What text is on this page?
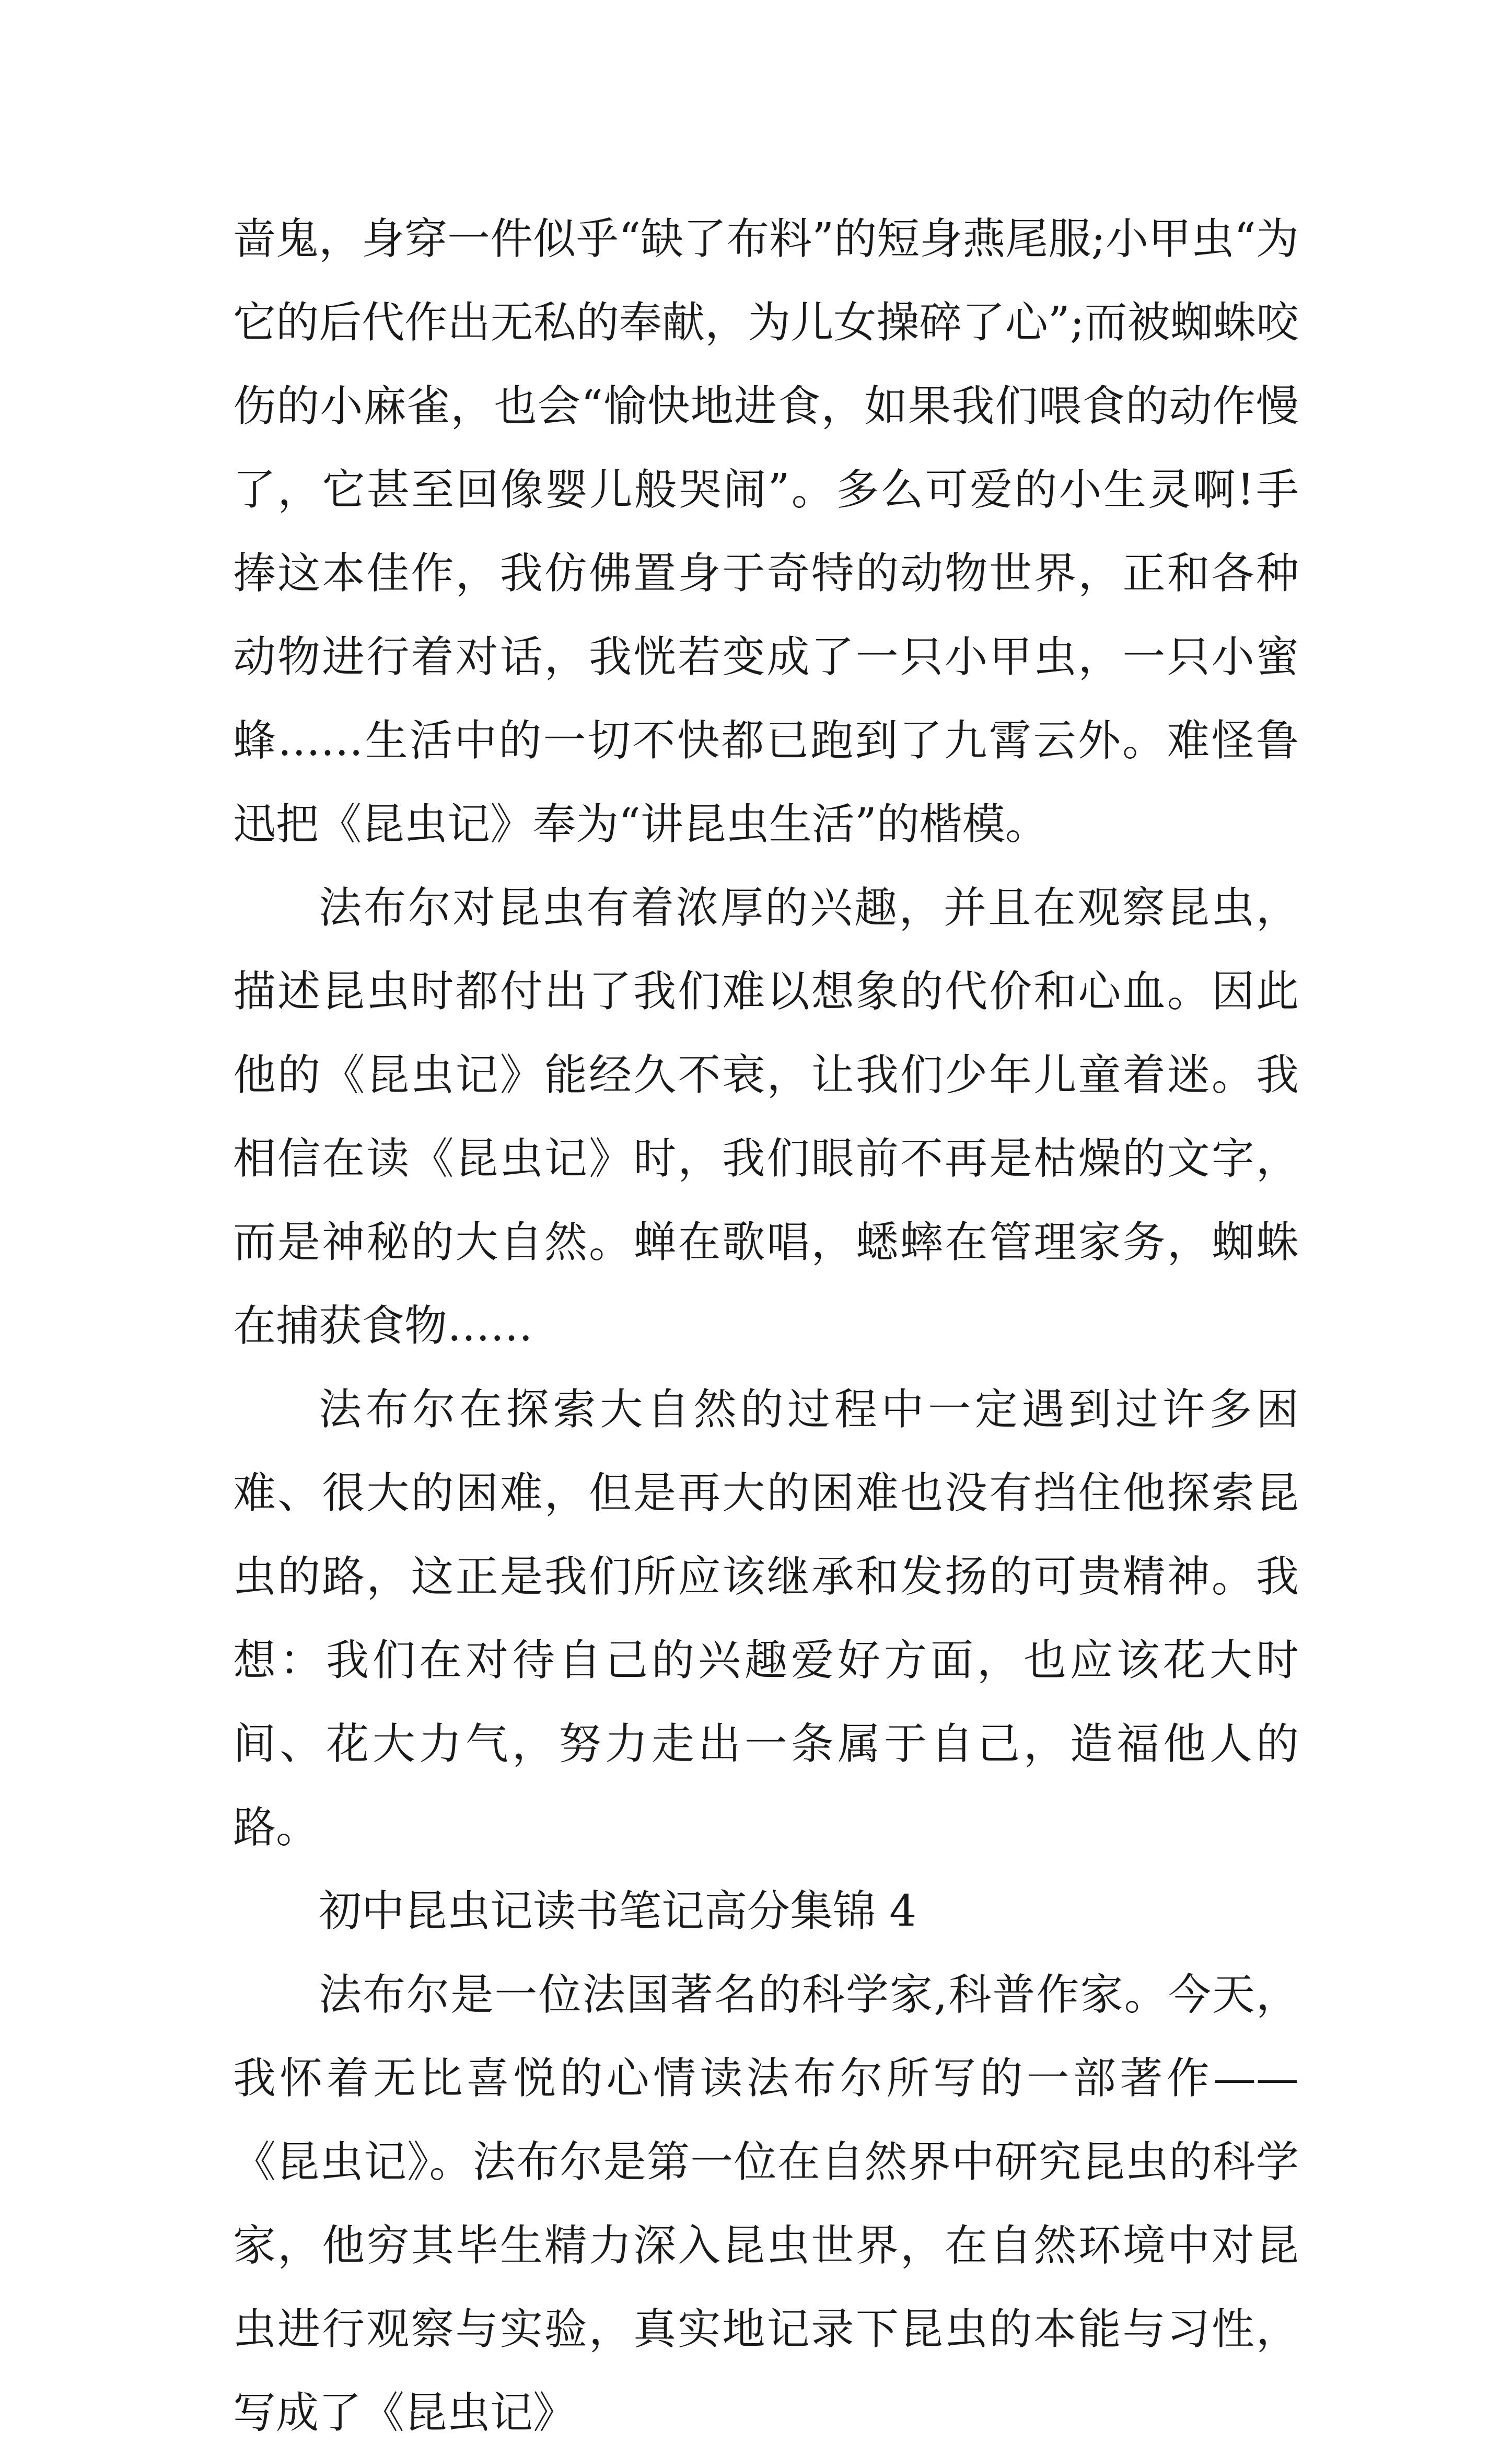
啬鬼，身穿一件似乎“缺了布料”的短身燕尾服;小甲虫“为它的后代作出无私的奉献，为儿女操碎了心”;而被蜘蛛咬伤的小麻雀，也会“愉快地进食，如果我们喂食的动作慢了，它甚至回像婴儿般哭闹”。多么可爱的小生灵啊!手捧这本佳作，我仿佛置身于奇特的动物世界，正和各种动物进行着对话，我恍若变成了一只小甲虫，一只小蜜蜂……生活中的一切不快都已跑到了九霄云外。难怪鲁迅把《昆虫记》奉为“讲昆虫生活”的楷模。

法布尔对昆虫有着浓厚的兴趣，并且在观察昆虫，描述昆虫时都付出了我们难以想象的代价和心血。因此他的《昆虫记》能经久不衰，让我们少年儿童着迷。我相信在读《昆虫记》时，我们眼前不再是枯燥的文字，而是神秘的大自然。蝉在歌唱，蟋蟀在管理家务，蜘蛛在捕获食物……

法布尔在探索大自然的过程中一定遇到过许多困难、很大的困难，但是再大的困难也没有挡住他探索昆虫的路，这正是我们所应该继承和发扬的可贵精神。我想：我们在对待自己的兴趣爱好方面，也应该花大时间、花大力气，努力走出一条属于自己，造福他人的路。

初中昆虫记读书笔记高分集锦 4

法布尔是一位法国著名的科学家,科普作家。今天，我怀着无比喜悦的心情读法布尔所写的一部著作——《昆虫记》。法布尔是第一位在自然界中研究昆虫的科学家，他穷其毕生精力深入昆虫世界，在自然环境中对昆虫进行观察与实验，真实地记录下昆虫的本能与习性，写成了《昆虫记》
